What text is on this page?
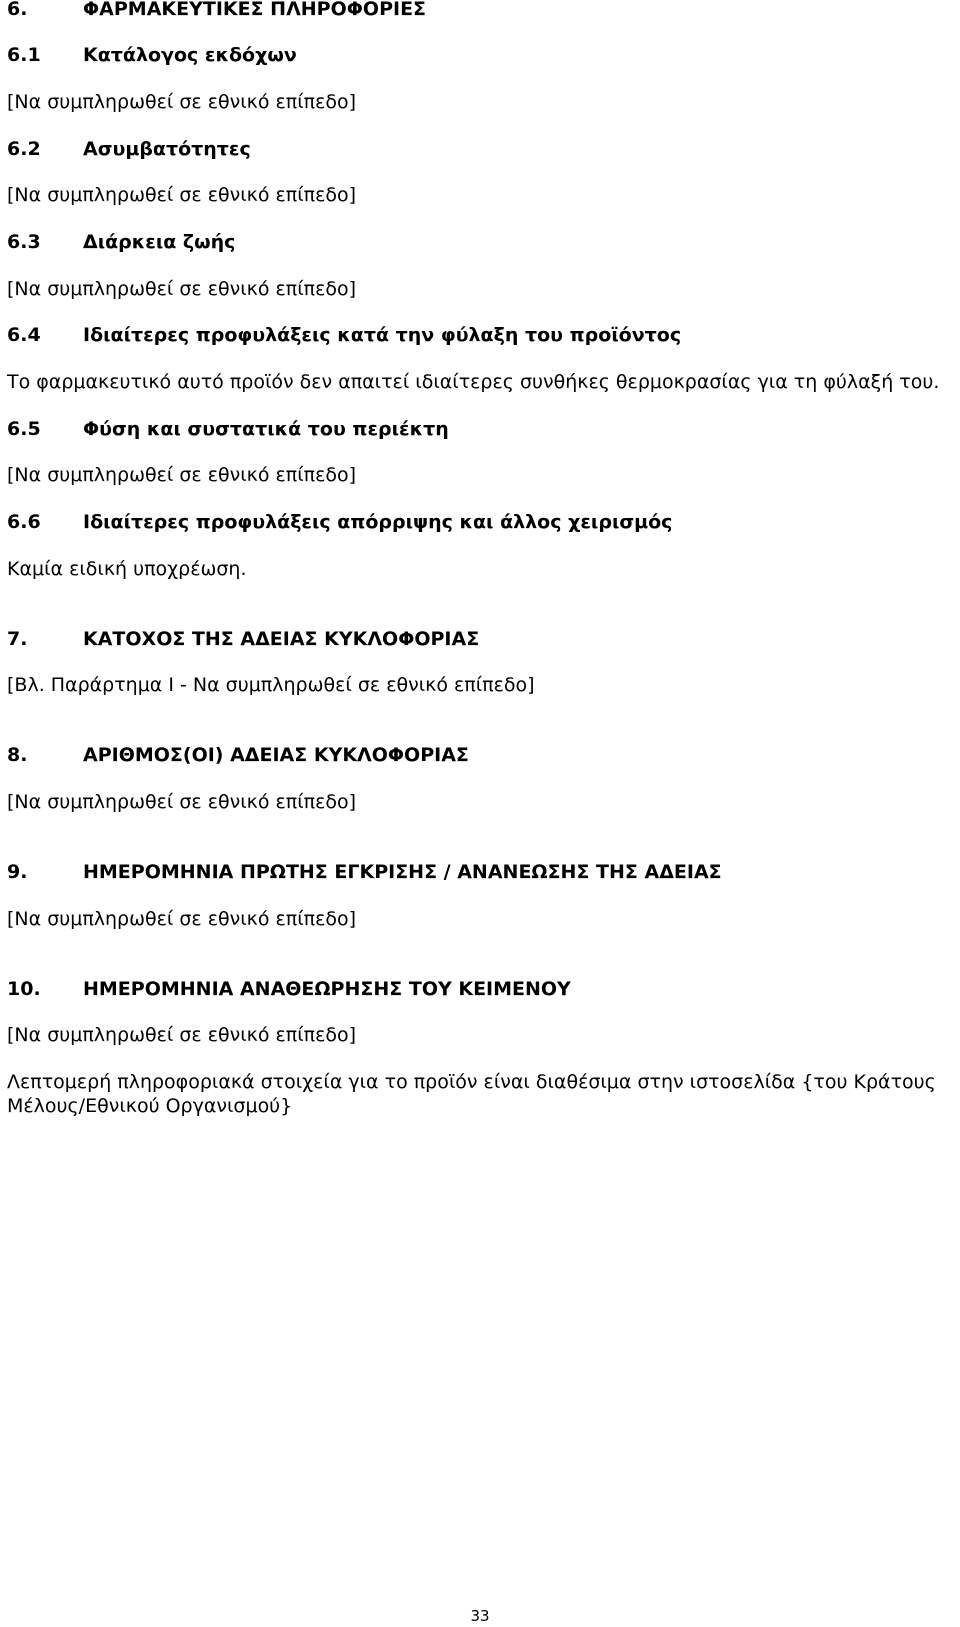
6.	ΦΑΡΜΑΚΕΥΤΙΚΕΣ ΠΛΗΡΟΦΟΡΙΕΣ
6.1 Κατάλογος εκδόχων
[Να συμπληρωθεί σε εθνικό επίπεδο]
6.2 Ασυμβατότητες
[Να συμπληρωθεί σε εθνικό επίπεδο]
6.3 Διάρκεια ζωής
[Να συμπληρωθεί σε εθνικό επίπεδο]
6.4 Ιδιαίτερες προφυλάξεις κατά την φύλαξη του προϊόντος
Το φαρμακευτικό αυτό προϊόν δεν απαιτεί ιδιαίτερες συνθήκες θερμοκρασίας για τη φύλαξή του.
6.5 Φύση και συστατικά του περιέκτη
[Να συμπληρωθεί σε εθνικό επίπεδο]
6.6 Ιδιαίτερες προφυλάξεις απόρριψης και άλλος χειρισμός
Καμία ειδική υποχρέωση.
7.	ΚΑΤΟΧΟΣ ΤΗΣ ΑΔΕΙΑΣ ΚΥΚΛΟΦΟΡΙΑΣ
[Βλ. Παράρτημα I - Να συμπληρωθεί σε εθνικό επίπεδο]
8.	ΑΡΙΘΜΟΣ(ΟΙ) ΑΔΕΙΑΣ ΚΥΚΛΟΦΟΡΙΑΣ
[Να συμπληρωθεί σε εθνικό επίπεδο]
9.	ΗΜΕΡΟΜΗΝΙΑ ΠΡΩΤΗΣ ΕΓΚΡΙΣΗΣ / ΑΝΑΝΕΩΣΗΣ ΤΗΣ ΑΔΕΙΑΣ
[Να συμπληρωθεί σε εθνικό επίπεδο]
10. ΗΜΕΡΟΜΗΝΙΑ ΑΝΑΘΕΩΡΗΣΗΣ ΤΟΥ ΚΕΙΜΕΝΟΥ
[Να συμπληρωθεί σε εθνικό επίπεδο]
Λεπτομερή πληροφοριακά στοιχεία για το προϊόν είναι διαθέσιμα στην ιστοσελίδα {του Κράτους Μέλους/Εθνικού Οργανισμού}
33
